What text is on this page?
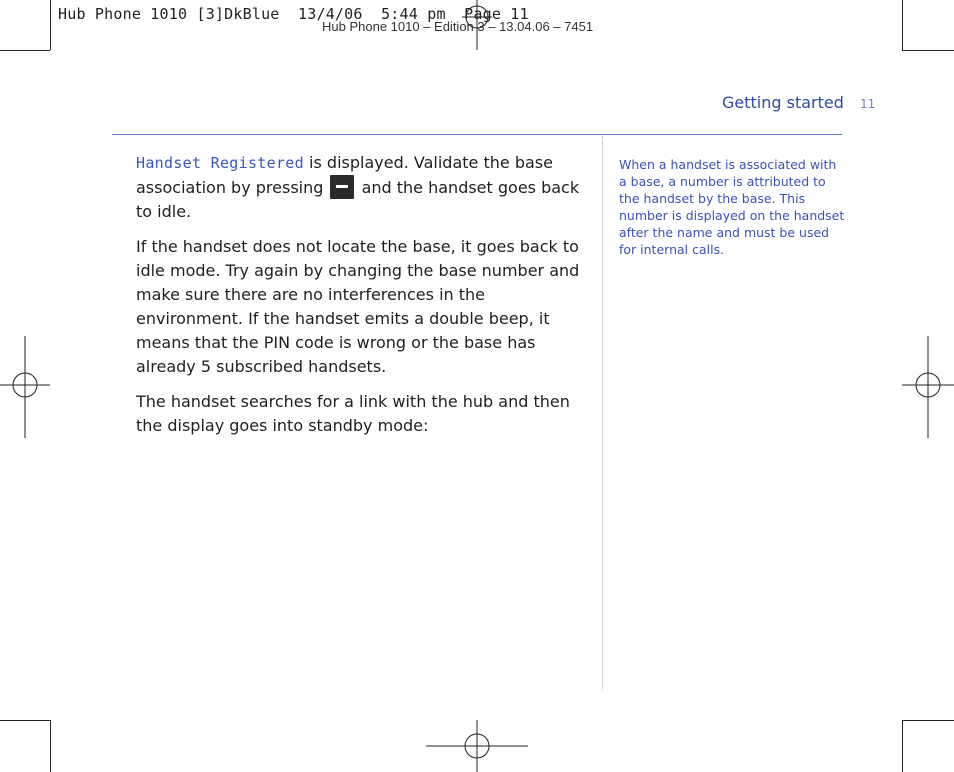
Hub Phone 1010 [3]DkBlue  13/4/06  5:44 pm  Page 11
Hub Phone 1010 – Edition 3 – 13.04.06 – 7451
Getting started 11

Handset Registered is displayed. Validate the base association by pressing  and the handset goes back to idle.

If the handset does not locate the base, it goes back to idle mode. Try again by changing the base number and make sure there are no interferences in the environment. If the handset emits a double beep, it means that the PIN code is wrong or the base has already 5 subscribed handsets.

The handset searches for a link with the hub and then the display goes into standby mode:

When a handset is associated with a base, a number is attributed to the handset by the base. This number is displayed on the handset after the name and must be used for internal calls.
